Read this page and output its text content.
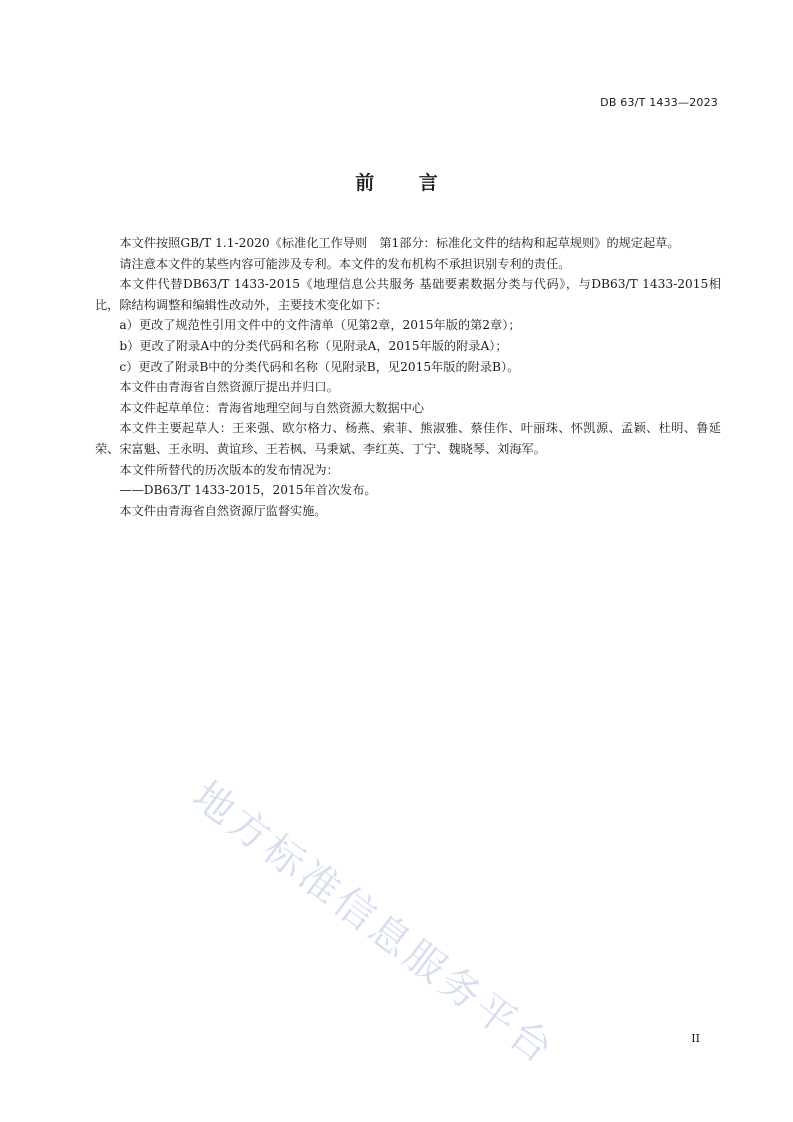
DB 63/T 1433—2023
前 言

本文件按照GB/T 1.1-2020《标准化工作导则　第1部分：标准化文件的结构和起草规则》的规定起草。

请注意本文件的某些内容可能涉及专利。本文件的发布机构不承担识别专利的责任。

本文件代替DB63/T 1433-2015《地理信息公共服务 基础要素数据分类与代码》，与DB63/T 1433-2015相比，除结构调整和编辑性改动外，主要技术变化如下：

a）更改了规范性引用文件中的文件清单（见第2章，2015年版的第2章）；

b）更改了附录A中的分类代码和名称（见附录A，2015年版的附录A）；

c）更改了附录B中的分类代码和名称（见附录B，见2015年版的附录B）。

本文件由青海省自然资源厅提出并归口。

本文件起草单位：青海省地理空间与自然资源大数据中心

本文件主要起草人：王来强、欧尔格力、杨燕、索菲、熊淑雅、蔡佳作、叶丽珠、怀凯源、孟颖、杜明、鲁延荣、宋富魁、王永明、黄谊珍、王若枫、马秉斌、李红英、丁宁、魏晓琴、刘海军。

本文件所替代的历次版本的发布情况为：

——DB63/T 1433-2015，2015年首次发布。

本文件由青海省自然资源厅监督实施。

地方标准信息服务平台	II
